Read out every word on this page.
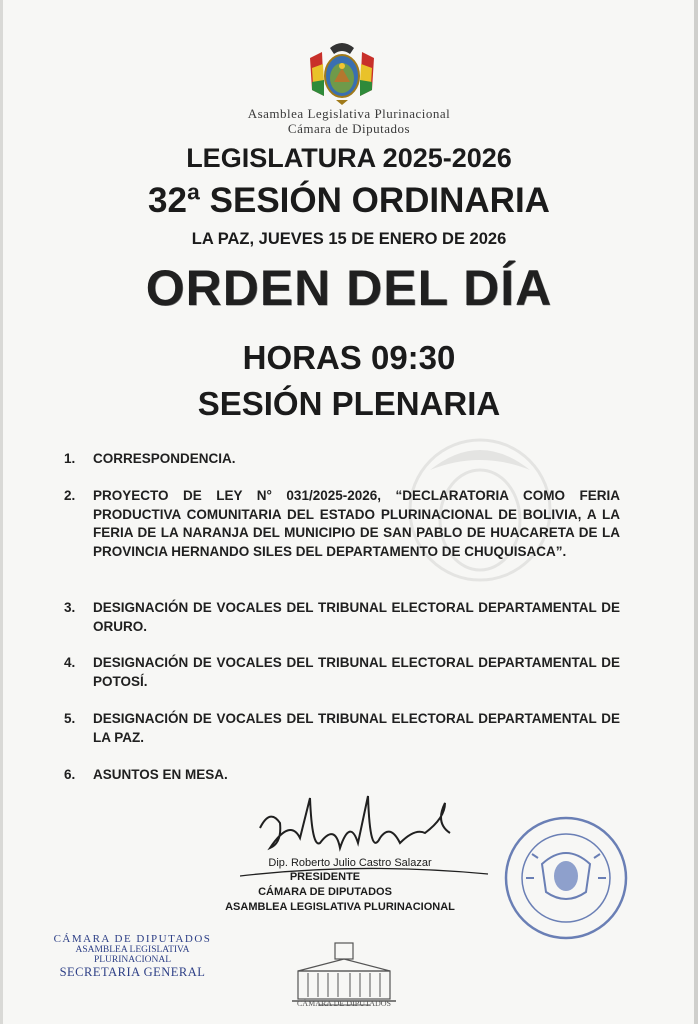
Asamblea Legislativa Plurinacional
Cámara de Diputados
LEGISLATURA 2025-2026
32ª SESIÓN ORDINARIA
LA PAZ, JUEVES 15 DE ENERO DE 2026
ORDEN DEL DÍA
HORAS 09:30
SESIÓN PLENARIA
1.	CORRESPONDENCIA.
2.	PROYECTO DE LEY N° 031/2025-2026, “DECLARATORIA COMO FERIA PRODUCTIVA COMUNITARIA DEL ESTADO PLURINACIONAL DE BOLIVIA, A LA FERIA DE LA NARANJA DEL MUNICIPIO DE SAN PABLO DE HUACARETA DE LA PROVINCIA HERNANDO SILES DEL DEPARTAMENTO DE CHUQUISACA”.
3.	DESIGNACIÓN DE VOCALES DEL TRIBUNAL ELECTORAL DEPARTAMENTAL DE ORURO.
4.	DESIGNACIÓN DE VOCALES DEL TRIBUNAL ELECTORAL DEPARTAMENTAL DE POTOSÍ.
5.	DESIGNACIÓN DE VOCALES DEL TRIBUNAL ELECTORAL DEPARTAMENTAL DE LA PAZ.
6.	ASUNTOS EN MESA.
Dip. Roberto Julio Castro Salazar
PRESIDENTE
CÁMARA DE DIPUTADOS
ASAMBLEA LEGISLATIVA PLURINACIONAL
CÁMARA DE DIPUTADOS
ASAMBLEA LEGISLATIVA PLURINACIONAL
SECRETARIA GENERAL
CÁMARA DE DIPUTADOS
